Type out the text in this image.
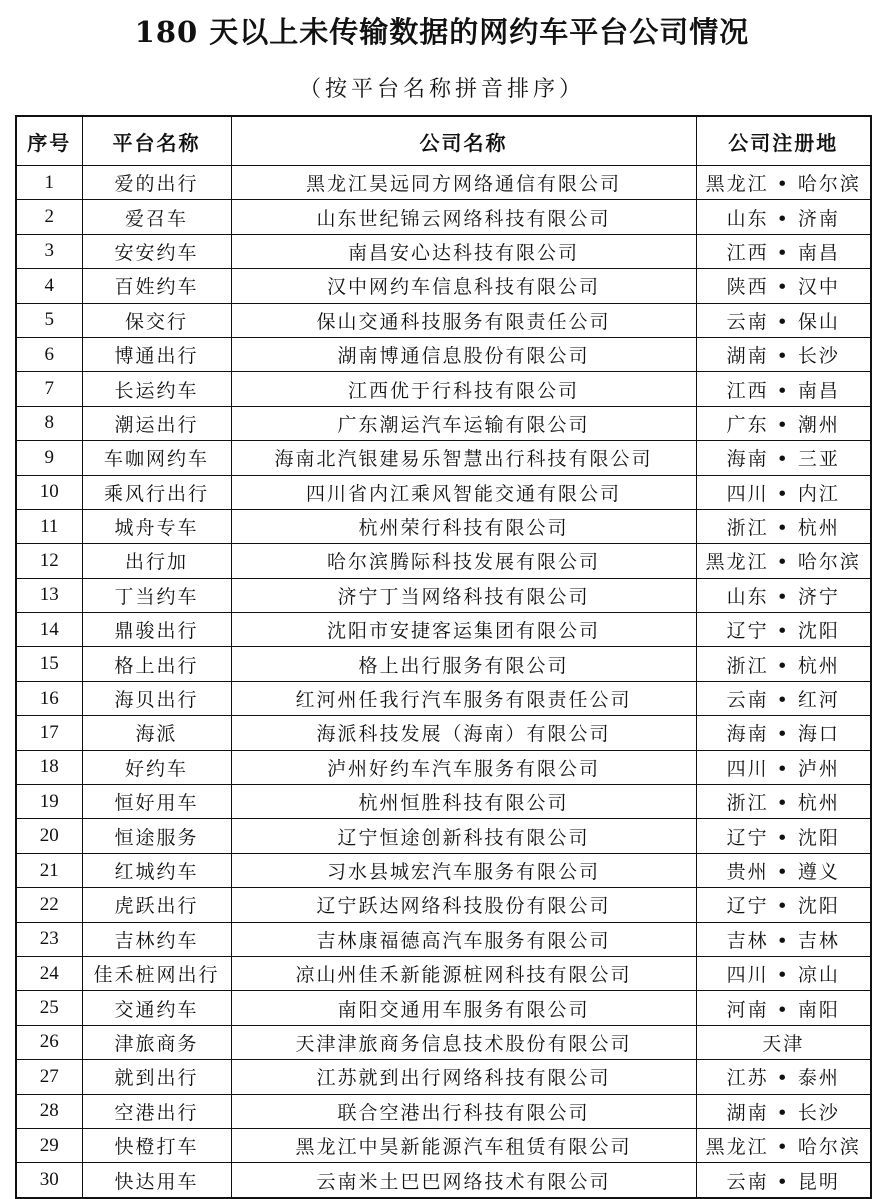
180 天以上未传输数据的网约车平台公司情况
（按平台名称拼音排序）
序号	平台名称	公司名称	公司注册地
1	爱的出行	黑龙江昊远同方网络通信有限公司	黑龙江 • 哈尔滨
2	爱召车	山东世纪锦云网络科技有限公司	山东 • 济南
3	安安约车	南昌安心达科技有限公司	江西 • 南昌
4	百姓约车	汉中网约车信息科技有限公司	陕西 • 汉中
5	保交行	保山交通科技服务有限责任公司	云南 • 保山
6	博通出行	湖南博通信息股份有限公司	湖南 • 长沙
7	长运约车	江西优于行科技有限公司	江西 • 南昌
8	潮运出行	广东潮运汽车运输有限公司	广东 • 潮州
9	车咖网约车	海南北汽银建易乐智慧出行科技有限公司	海南 • 三亚
10	乘风行出行	四川省内江乘风智能交通有限公司	四川 • 内江
11	城舟专车	杭州荣行科技有限公司	浙江 • 杭州
12	出行加	哈尔滨腾际科技发展有限公司	黑龙江 • 哈尔滨
13	丁当约车	济宁丁当网络科技有限公司	山东 • 济宁
14	鼎骏出行	沈阳市安捷客运集团有限公司	辽宁 • 沈阳
15	格上出行	格上出行服务有限公司	浙江 • 杭州
16	海贝出行	红河州任我行汽车服务有限责任公司	云南 • 红河
17	海派	海派科技发展（海南）有限公司	海南 • 海口
18	好约车	泸州好约车汽车服务有限公司	四川 • 泸州
19	恒好用车	杭州恒胜科技有限公司	浙江 • 杭州
20	恒途服务	辽宁恒途创新科技有限公司	辽宁 • 沈阳
21	红城约车	习水县城宏汽车服务有限公司	贵州 • 遵义
22	虎跃出行	辽宁跃达网络科技股份有限公司	辽宁 • 沈阳
23	吉林约车	吉林康福德高汽车服务有限公司	吉林 • 吉林
24	佳禾桩网出行	凉山州佳禾新能源桩网科技有限公司	四川 • 凉山
25	交通约车	南阳交通用车服务有限公司	河南 • 南阳
26	津旅商务	天津津旅商务信息技术股份有限公司	天津
27	就到出行	江苏就到出行网络科技有限公司	江苏 • 泰州
28	空港出行	联合空港出行科技有限公司	湖南 • 长沙
29	快橙打车	黑龙江中昊新能源汽车租赁有限公司	黑龙江 • 哈尔滨
30	快达用车	云南米土巴巴网络技术有限公司	云南 • 昆明
